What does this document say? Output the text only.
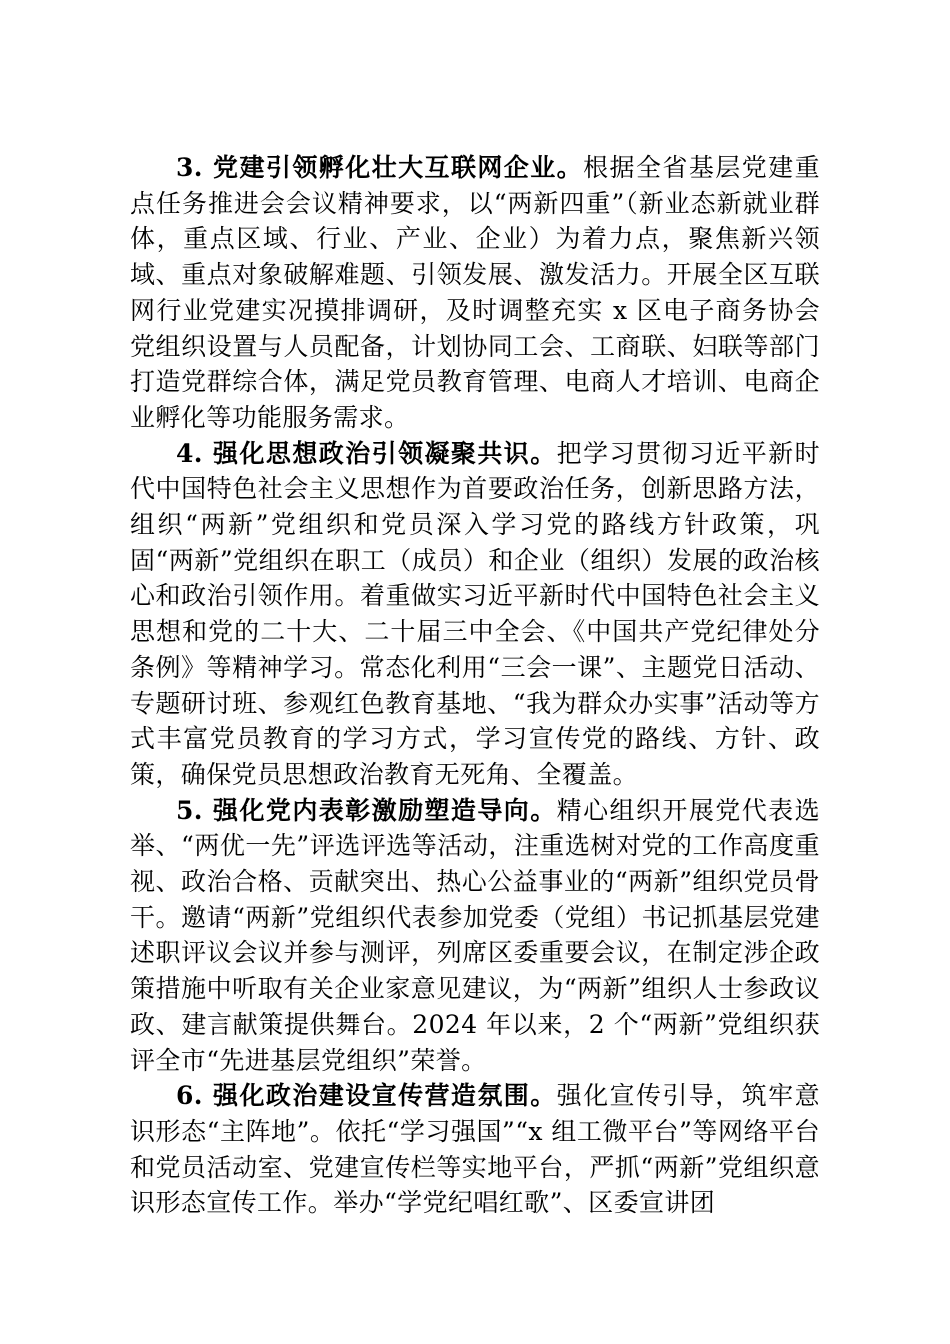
3. 党建引领孵化壮大互联网企业。根据全省基层党建重点任务推进会会议精神要求，以“两新四重”（新业态新就业群体，重点区域、行业、产业、企业）为着力点，聚焦新兴领域、重点对象破解难题、引领发展、激发活力。开展全区互联网行业党建实况摸排调研，及时调整充实 x 区电子商务协会党组织设置与人员配备，计划协同工会、工商联、妇联等部门打造党群综合体，满足党员教育管理、电商人才培训、电商企业孵化等功能服务需求。

4. 强化思想政治引领凝聚共识。把学习贯彻习近平新时代中国特色社会主义思想作为首要政治任务，创新思路方法，组织“两新”党组织和党员深入学习党的路线方针政策，巩固“两新”党组织在职工（成员）和企业（组织）发展的政治核心和政治引领作用。着重做实习近平新时代中国特色社会主义思想和党的二十大、二十届三中全会、《中国共产党纪律处分条例》等精神学习。常态化利用“三会一课”、主题党日活动、专题研讨班、参观红色教育基地、“我为群众办实事”活动等方式丰富党员教育的学习方式，学习宣传党的路线、方针、政策，确保党员思想政治教育无死角、全覆盖。

5. 强化党内表彰激励塑造导向。精心组织开展党代表选举、“两优一先”评选评选等活动，注重选树对党的工作高度重视、政治合格、贡献突出、热心公益事业的“两新”组织党员骨干。邀请“两新”党组织代表参加党委（党组）书记抓基层党建述职评议会议并参与测评，列席区委重要会议，在制定涉企政策措施中听取有关企业家意见建议，为“两新”组织人士参政议政、建言献策提供舞台。2024 年以来，2 个“两新”党组织获评全市“先进基层党组织”荣誉。

6. 强化政治建设宣传营造氛围。强化宣传引导，筑牢意识形态“主阵地”。依托“学习强国”“x 组工微平台”等网络平台和党员活动室、党建宣传栏等实地平台，严抓“两新”党组织意识形态宣传工作。举办“学党纪唱红歌”、区委宣讲团
